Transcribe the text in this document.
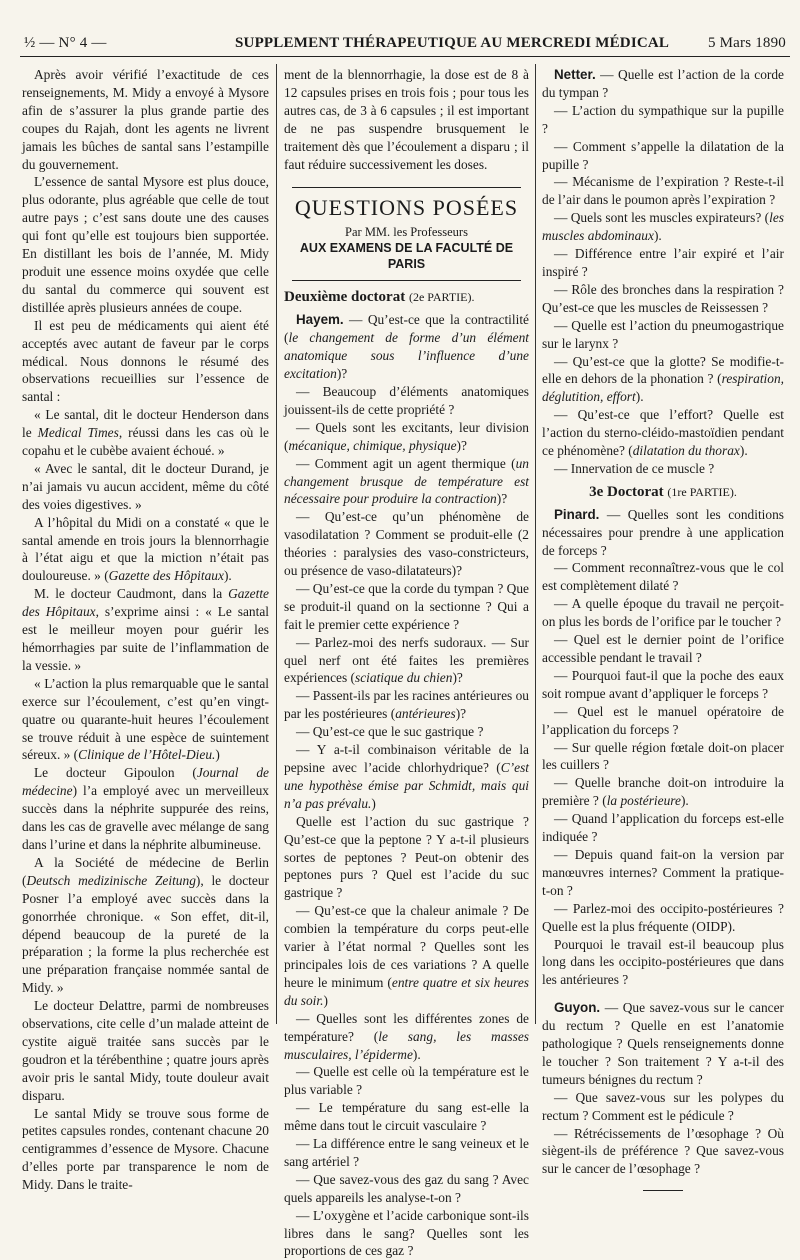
½ — N° 4 —	SUPPLEMENT THÉRAPEUTIQUE AU MERCREDI MÉDICAL	5 Mars 1890

Après avoir vérifié l’exactitude de ces renseignements, M. Midy a envoyé à Mysore afin de s’assurer la plus grande partie des coupes du Rajah, dont les agents ne livrent jamais les bûches de santal sans l’estampille du gouvernement.

L’essence de santal Mysore est plus douce, plus odorante, plus agréable que celle de tout autre pays ; c’est sans doute une des causes qui font qu’elle est toujours bien supportée. En distillant les bois de l’année, M. Midy produit une essence moins oxydée que celle du santal du commerce qui souvent est distillée après plusieurs années de coupe.

Il est peu de médicaments qui aient été acceptés avec autant de faveur par le corps médical. Nous donnons le résumé des observations recueillies sur l’essence de santal :

« Le santal, dit le docteur Henderson dans le Medical Times, réussi dans les cas où le copahu et le cubèbe avaient échoué. »

« Avec le santal, dit le docteur Durand, je n’ai jamais vu aucun accident, même du côté des voies digestives. »

A l’hôpital du Midi on a constaté « que le santal amende en trois jours la blennorrhagie à l’état aigu et que la miction n’était pas douloureuse. » (Gazette des Hôpitaux).

M. le docteur Caudmont, dans la Gazette des Hôpitaux, s’exprime ainsi : « Le santal est le meilleur moyen pour guérir les hémorrhagies par suite de l’inflammation de la vessie. »

« L’action la plus remarquable que le santal exerce sur l’écoulement, c’est qu’en vingt-quatre ou quarante-huit heures l’écoulement se trouve réduit à une espèce de suintement séreux. » (Clinique de l’Hôtel-Dieu.)

Le docteur Gipoulon (Journal de médecine) l’a employé avec un merveilleux succès dans la néphrite suppurée des reins, dans les cas de gravelle avec mélange de sang dans l’urine et dans la néphrite albumineuse.

A la Société de médecine de Berlin (Deutsch medizinische Zeitung), le docteur Posner l’a employé avec succès dans la gonorrhée chronique. « Son effet, dit-il, dépend beaucoup de la pureté de la préparation ; la forme la plus recherchée est une préparation française nommée santal de Midy. »

Le docteur Delattre, parmi de nombreuses observations, cite celle d’un malade atteint de cystite aiguë traitée sans succès par le goudron et la térébenthine ; quatre jours après avoir pris le santal Midy, toute douleur avait disparu.

Le santal Midy se trouve sous forme de petites capsules rondes, contenant chacune 20 centigrammes d’essence de Mysore. Chacune d’elles porte par transparence le nom de Midy. Dans le traite-

ment de la blennorrhagie, la dose est de 8 à 12 capsules prises en trois fois ; pour tous les autres cas, de 3 à 6 capsules ; il est important de ne pas suspendre brusquement le traitement dès que l’écoulement a disparu ; il faut réduire successivement les doses.

QUESTIONS POSÉES
Par MM. les Professeurs
AUX EXAMENS DE LA FACULTÉ DE PARIS

Deuxième doctorat (2e PARTIE).

Hayem. — Qu’est-ce que la contractilité (le changement de forme d’un élément anatomique sous l’influence d’une excitation)?

— Beaucoup d’éléments anatomiques jouissent-ils de cette propriété ?

— Quels sont les excitants, leur division (mécanique, chimique, physique)?

— Comment agit un agent thermique (un changement brusque de température est nécessaire pour produire la contraction)?

— Qu’est-ce qu’un phénomène de vasodilatation ? Comment se produit-elle (2 théories : paralysies des vaso-constricteurs, ou présence de vaso-dilatateurs)?

— Qu’est-ce que la corde du tympan ? Que se produit-il quand on la sectionne ? Qui a fait le premier cette expérience ?

— Parlez-moi des nerfs sudoraux. — Sur quel nerf ont été faites les premières expériences (sciatique du chien)?

— Passent-ils par les racines antérieures ou par les postérieures (antérieures)?

— Qu’est-ce que le suc gastrique ?

— Y a-t-il combinaison véritable de la pepsine avec l’acide chlorhydrique? (C’est une hypothèse émise par Schmidt, mais qui n’a pas prévalu.)

Quelle est l’action du suc gastrique ? Qu’est-ce que la peptone ? Y a-t-il plusieurs sortes de peptones ? Peut-on obtenir des peptones purs ? Quel est l’acide du suc gastrique ?

— Qu’est-ce que la chaleur animale ? De combien la température du corps peut-elle varier à l’état normal ? Quelles sont les principales lois de ces variations ? A quelle heure le minimum (entre quatre et six heures du soir.)

— Quelles sont les différentes zones de température? (le sang, les masses musculaires, l’épiderme).

— Quelle est celle où la température est le plus variable ?

— Le température du sang est-elle la même dans tout le circuit vasculaire ?

— La différence entre le sang veineux et le sang artériel ?

— Que savez-vous des gaz du sang ? Avec quels appareils les analyse-t-on ?

— L’oxygène et l’acide carbonique sont-ils libres dans le sang? Quelles sont les proportions de ces gaz ?

Netter. — Quelle est l’action de la corde du tympan ?

— L’action du sympathique sur la pupille ?

— Comment s’appelle la dilatation de la pupille ?

— Mécanisme de l’expiration ? Reste-t-il de l’air dans le poumon après l’expiration ?

— Quels sont les muscles expirateurs? (les muscles abdominaux).

— Différence entre l’air expiré et l’air inspiré ?

— Rôle des bronches dans la respiration ? Qu’est-ce que les muscles de Reissessen ?

— Quelle est l’action du pneumogastrique sur le larynx ?

— Qu’est-ce que la glotte? Se modifie-t-elle en dehors de la phonation ? (respiration, déglutition, effort).

— Qu’est-ce que l’effort? Quelle est l’action du sterno-cléido-mastoïdien pendant ce phénomène? (dilatation du thorax).

— Innervation de ce muscle ?

3e Doctorat (1re PARTIE).

Pinard. — Quelles sont les conditions nécessaires pour prendre à une application de forceps ?

— Comment reconnaîtrez-vous que le col est complètement dilaté ?

— A quelle époque du travail ne perçoit-on plus les bords de l’orifice par le toucher ?

— Quel est le dernier point de l’orifice accessible pendant le travail ?

— Pourquoi faut-il que la poche des eaux soit rompue avant d’appliquer le forceps ?

— Quel est le manuel opératoire de l’application du forceps ?

— Sur quelle région fœtale doit-on placer les cuillers ?

— Quelle branche doit-on introduire la première ? (la postérieure).

— Quand l’application du forceps est-elle indiquée ?

— Depuis quand fait-on la version par manœuvres internes? Comment la pratique-t-on ?

— Parlez-moi des occipito-postérieures ? Quelle est la plus fréquente (OIDP).

Pourquoi le travail est-il beaucoup plus long dans les occipito-postérieures que dans les antérieures ?

Guyon. — Que savez-vous sur le cancer du rectum ? Quelle en est l’anatomie pathologique ? Quels renseignements donne le toucher ? Son traitement ? Y a-t-il des tumeurs bénignes du rectum ?

— Que savez-vous sur les polypes du rectum ? Comment est le pédicule ?

— Rétrécissements de l’œsophage ? Où siègent-ils de préférence ? Que savez-vous sur le cancer de l’œsophage ?
